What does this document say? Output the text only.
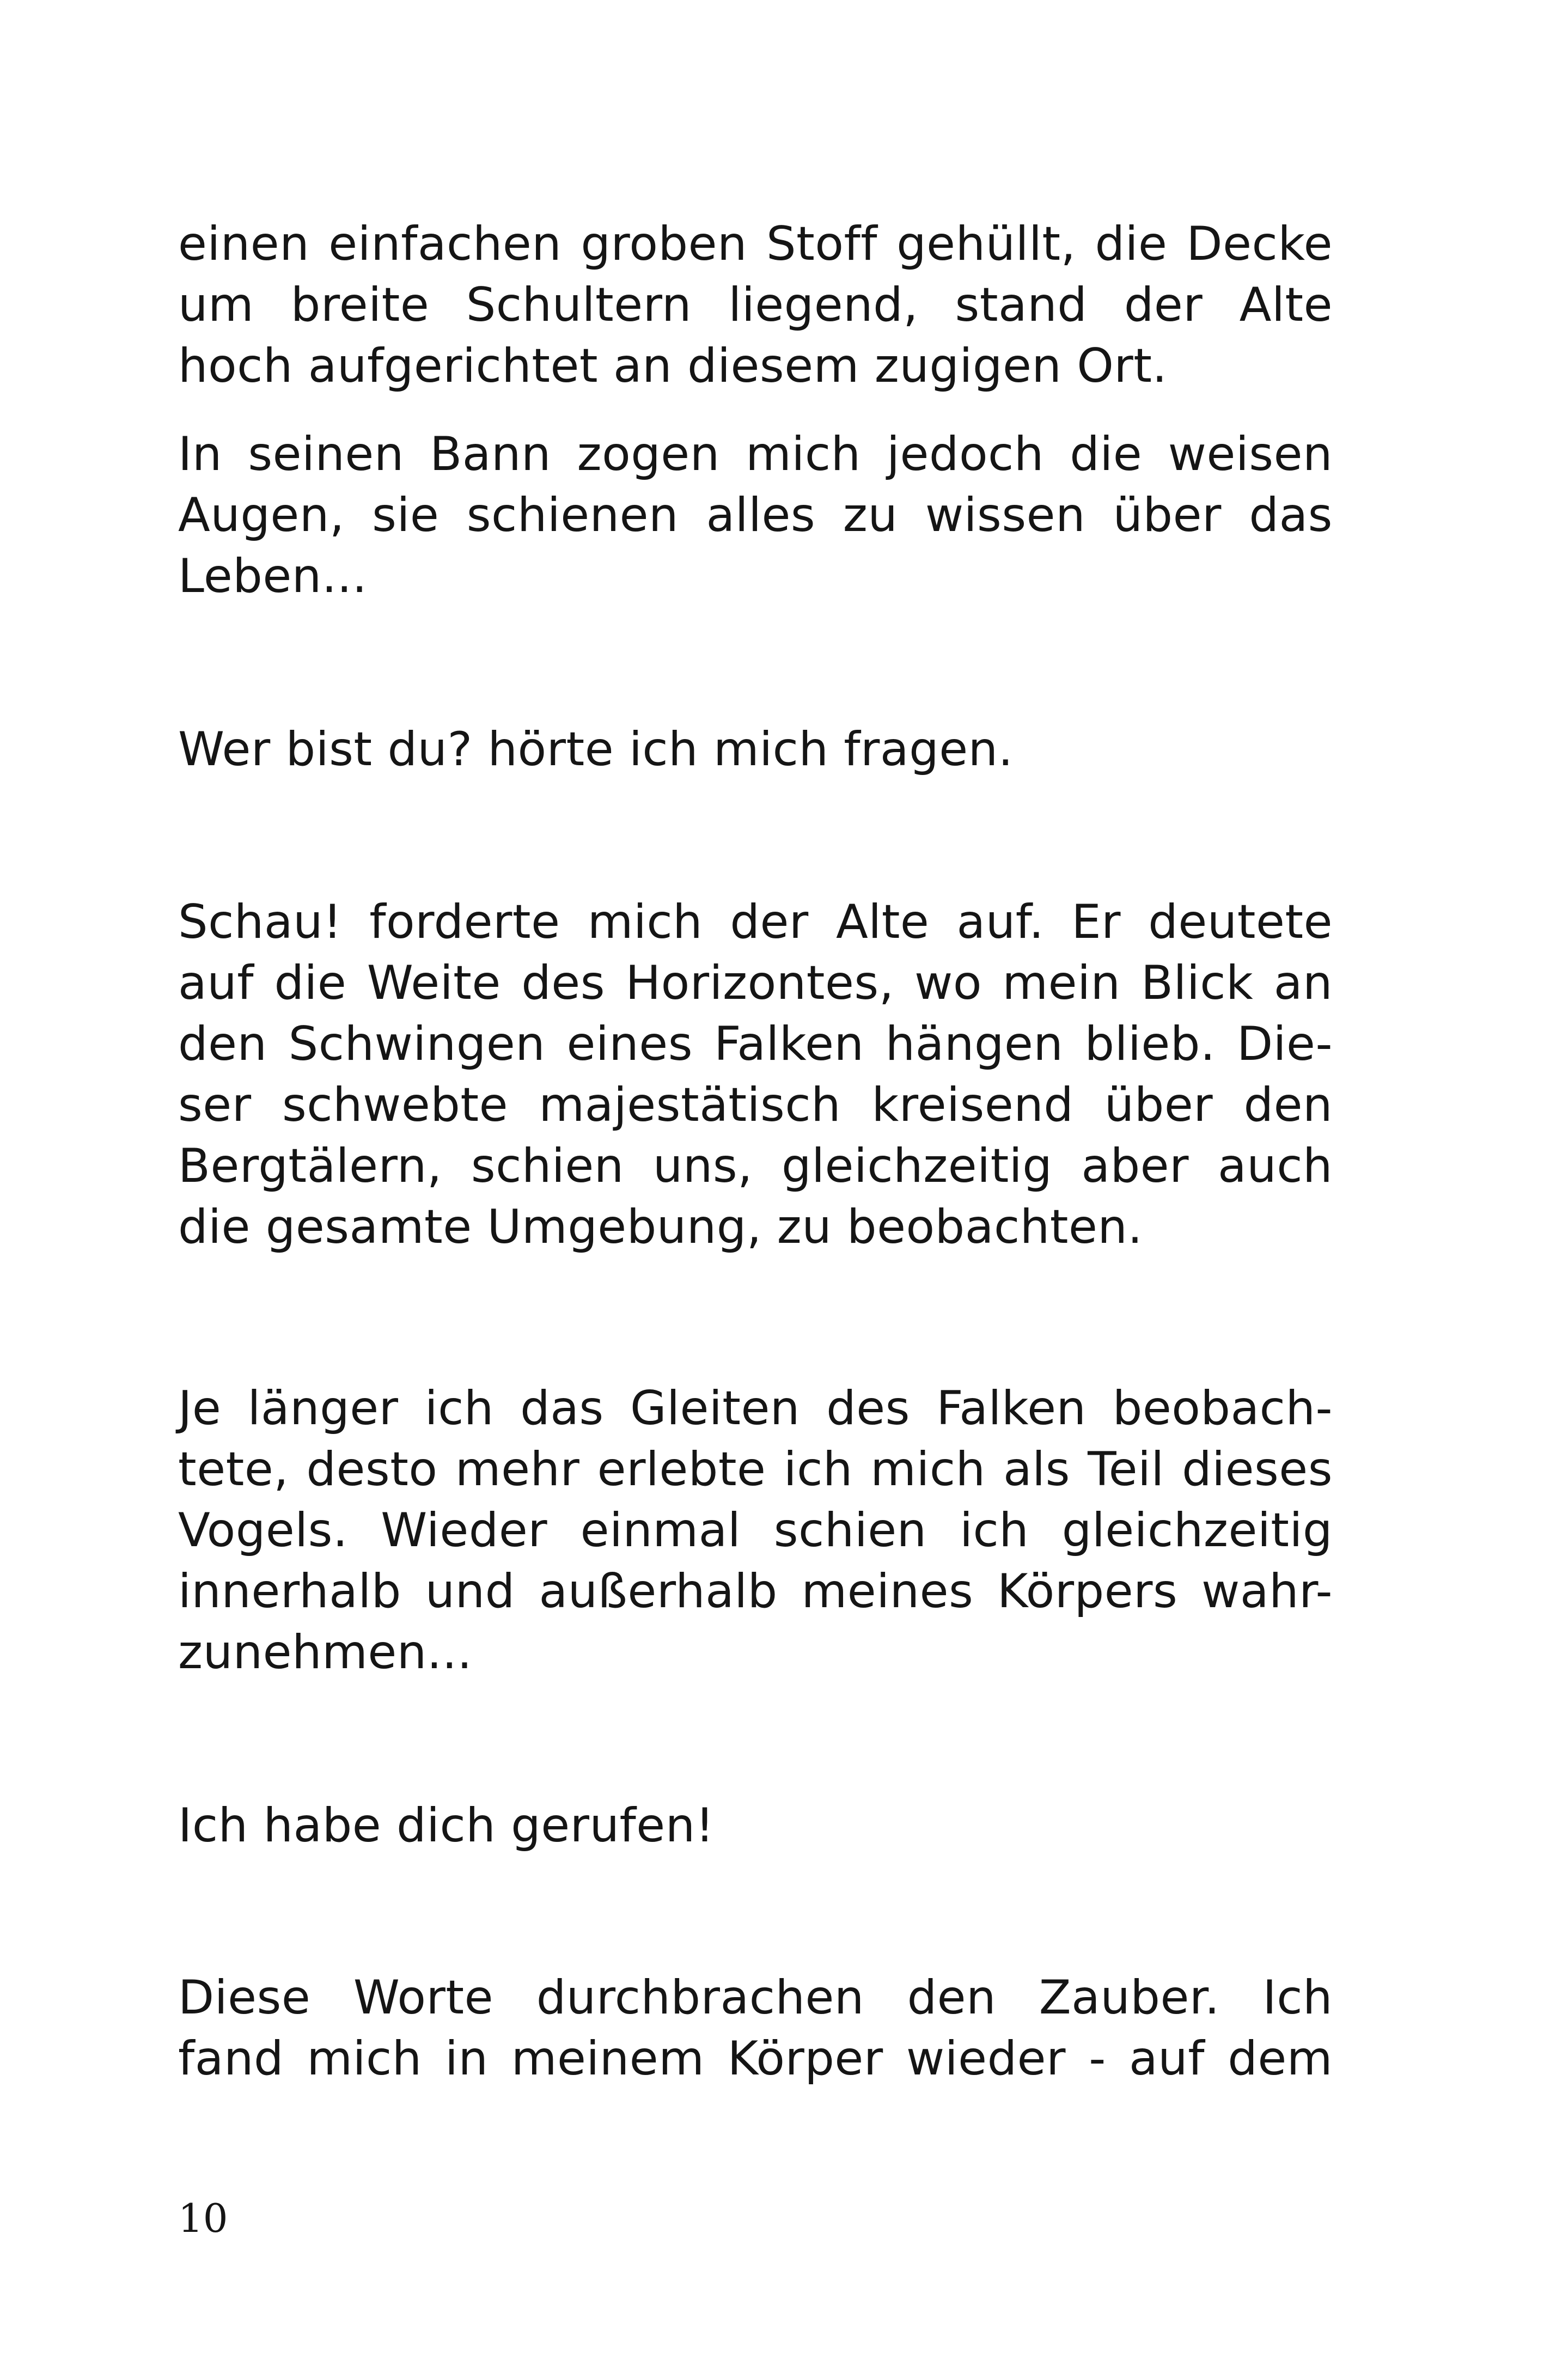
einen einfachen groben Stoff gehüllt, die Decke
um breite Schultern liegend, stand der Alte
hoch aufgerichtet an diesem zugigen Ort.
In seinen Bann zogen mich jedoch die weisen
Augen, sie schienen alles zu wissen über das
Leben...
Wer bist du? hörte ich mich fragen.
Schau! forderte mich der Alte auf. Er deutete
auf die Weite des Horizontes, wo mein Blick an
den Schwingen eines Falken hängen blieb. Die-
ser schwebte majestätisch kreisend über den
Bergtälern, schien uns, gleichzeitig aber auch
die gesamte Umgebung, zu beobachten.
Je länger ich das Gleiten des Falken beobach-
tete, desto mehr erlebte ich mich als Teil dieses
Vogels. Wieder einmal schien ich gleichzeitig
innerhalb und außerhalb meines Körpers wahr-
zunehmen...
Ich habe dich gerufen!
Diese Worte durchbrachen den Zauber. Ich
fand mich in meinem Körper wieder - auf dem
10
